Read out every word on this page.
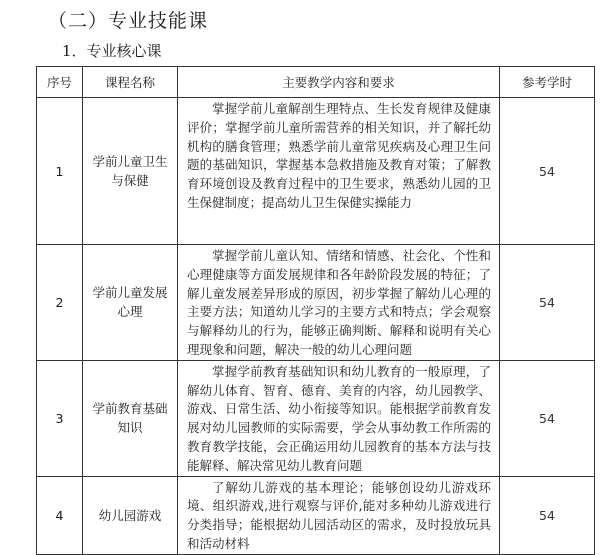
（二）专业技能课
1．专业核心课
序号	课程名称	主要教学内容和要求	参考学时
1	学前儿童卫生与保健	掌握学前儿童解剖生理特点、生长发育规律及健康评价；掌握学前儿童所需营养的相关知识，并了解托幼机构的膳食管理；熟悉学前儿童常见疾病及心理卫生问题的基础知识，掌握基本急救措施及教育对策；了解教育环境创设及教育过程中的卫生要求，熟悉幼儿园的卫生保健制度；提高幼儿卫生保健实操能力	54
2	学前儿童发展心理	掌握学前儿童认知、情绪和情感、社会化、个性和心理健康等方面发展规律和各年龄阶段发展的特征；了解儿童发展差异形成的原因，初步掌握了解幼儿心理的主要方法；知道幼儿学习的主要方式和特点；学会观察与解释幼儿的行为，能够正确判断、解释和说明有关心理现象和问题，解决一般的幼儿心理问题	54
3	学前教育基础知识	掌握学前教育基础知识和幼儿教育的一般原理，了解幼儿体育、智育、德育、美育的内容，幼儿园教学、游戏、日常生活、幼小衔接等知识。能根据学前教育发展对幼儿园教师的实际需要，学会从事幼教工作所需的教育教学技能，会正确运用幼儿园教育的基本方法与技能解释、解决常见幼儿教育问题	54
4	幼儿园游戏	了解幼儿游戏的基本理论；能够创设幼儿游戏环境、组织游戏,进行观察与评价,能对多种幼儿游戏进行分类指导；能根据幼儿园活动区的需求，及时投放玩具和活动材料	54
